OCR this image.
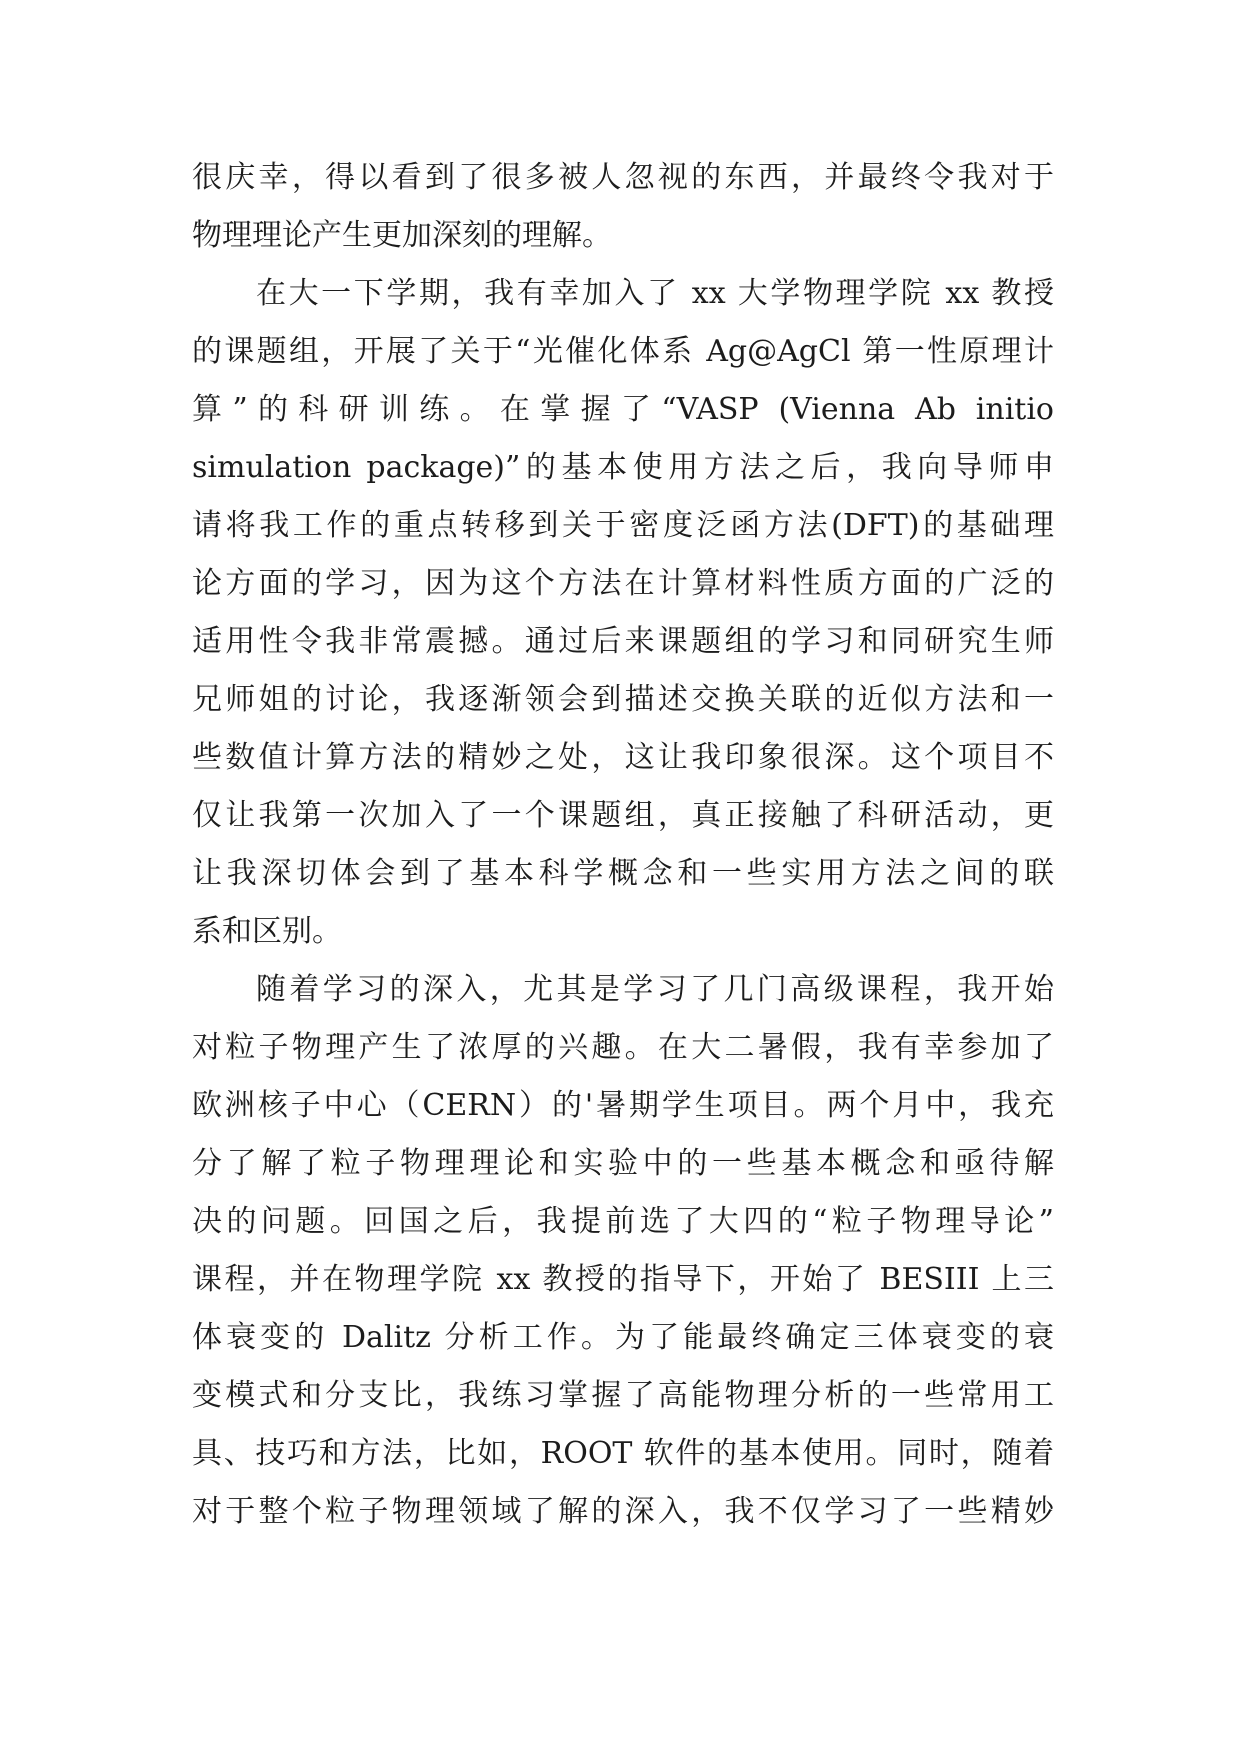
很庆幸，得以看到了很多被人忽视的东西，并最终令我对于
物理理论产生更加深刻的理解。
在大一下学期，我有幸加入了 xx 大学物理学院 xx 教授
的课题组，开展了关于“光催化体系 Ag@AgCl 第一性原理计
算”的科研训练。在掌握了“VASP (Vienna Ab initio
simulation package)”的基本使用方法之后，我向导师申
请将我工作的重点转移到关于密度泛函方法(DFT)的基础理
论方面的学习，因为这个方法在计算材料性质方面的广泛的
适用性令我非常震撼。通过后来课题组的学习和同研究生师
兄师姐的讨论，我逐渐领会到描述交换关联的近似方法和一
些数值计算方法的精妙之处，这让我印象很深。这个项目不
仅让我第一次加入了一个课题组，真正接触了科研活动，更
让我深切体会到了基本科学概念和一些实用方法之间的联
系和区别。
随着学习的深入，尤其是学习了几门高级课程，我开始
对粒子物理产生了浓厚的兴趣。在大二暑假，我有幸参加了
欧洲核子中心（CERN）的'暑期学生项目。两个月中，我充
分了解了粒子物理理论和实验中的一些基本概念和亟待解
决的问题。回国之后，我提前选了大四的“粒子物理导论”
课程，并在物理学院 xx 教授的指导下，开始了 BESIII 上三
体衰变的 Dalitz 分析工作。为了能最终确定三体衰变的衰
变模式和分支比，我练习掌握了高能物理分析的一些常用工
具、技巧和方法，比如，ROOT 软件的基本使用。同时，随着
对于整个粒子物理领域了解的深入，我不仅学习了一些精妙
